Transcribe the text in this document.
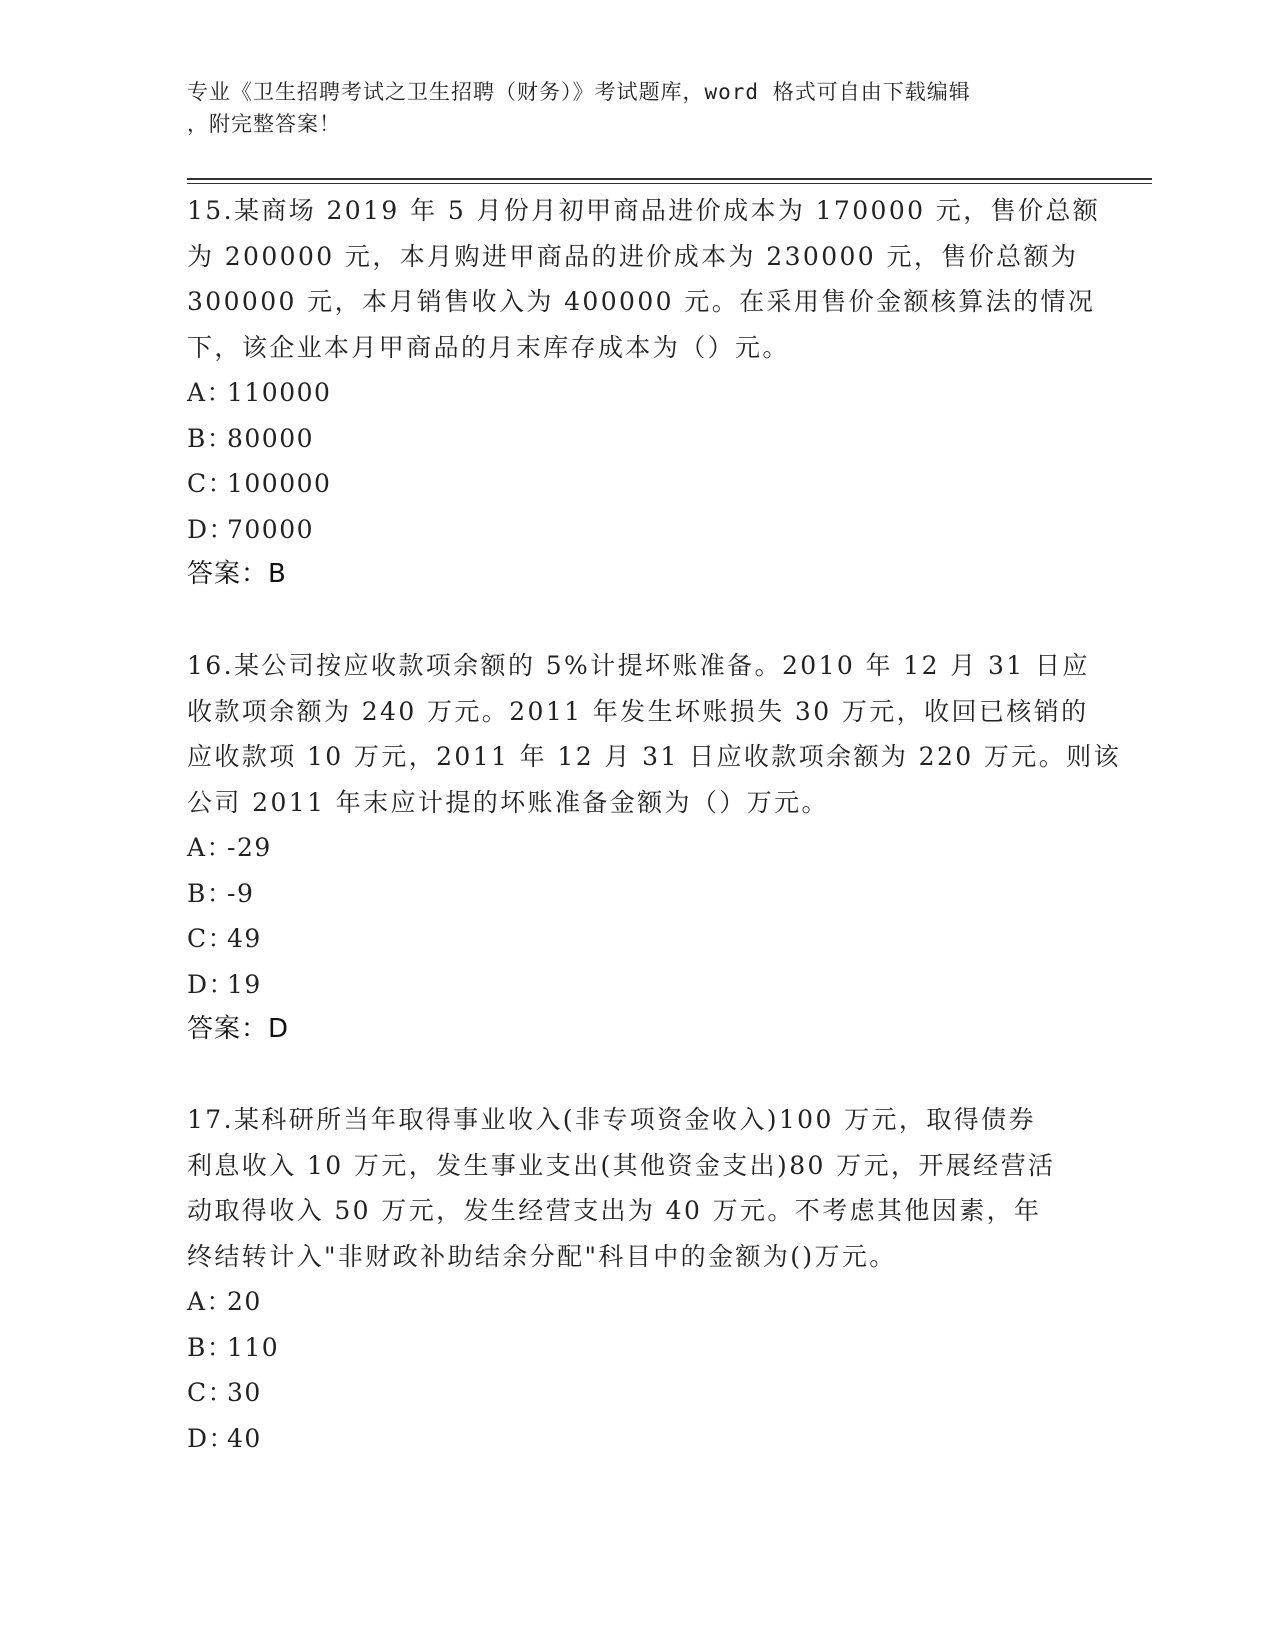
专业《卫生招聘考试之卫生招聘（财务）》考试题库，word 格式可自由下载编辑
，附完整答案！
15.某商场 2019 年 5 月份月初甲商品进价成本为 170000 元，售价总额
为 200000 元，本月购进甲商品的进价成本为 230000 元，售价总额为
300000 元，本月销售收入为 400000 元。在采用售价金额核算法的情况
下，该企业本月甲商品的月末库存成本为（）元。
A：110000
B：80000
C：100000
D：70000
答案：B
16.某公司按应收款项余额的 5%计提坏账准备。2010 年 12 月 31 日应
收款项余额为 240 万元。2011 年发生坏账损失 30 万元，收回已核销的
应收款项 10 万元，2011 年 12 月 31 日应收款项余额为 220 万元。则该
公司 2011 年末应计提的坏账准备金额为（）万元。
A：-29
B：-9
C：49
D：19
答案：D
17.某科研所当年取得事业收入(非专项资金收入)100 万元，取得债券
利息收入 10 万元，发生事业支出(其他资金支出)80 万元，开展经营活
动取得收入 50 万元，发生经营支出为 40 万元。不考虑其他因素，年
终结转计入"非财政补助结余分配"科目中的金额为()万元。
A：20
B：110
C：30
D：40
